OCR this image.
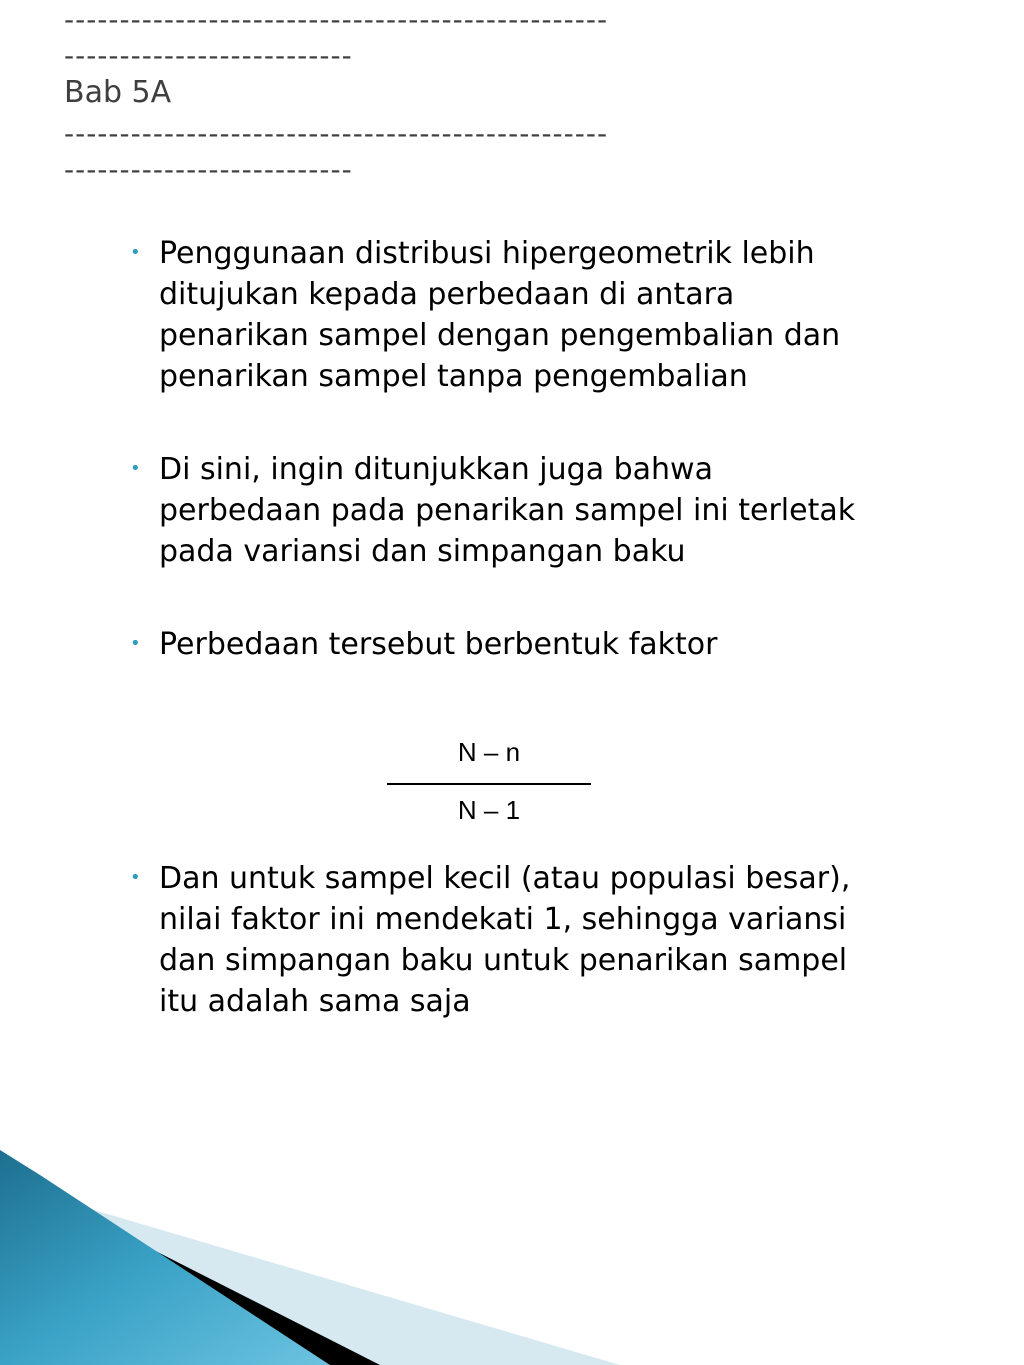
-------------------------------------------------
--------------------------
Bab 5A
-------------------------------------------------
--------------------------
• Penggunaan distribusi hipergeometrik lebih
ditujukan kepada perbedaan di antara
penarikan sampel dengan pengembalian dan
penarikan sampel tanpa pengembalian
• Di sini, ingin ditunjukkan juga bahwa
perbedaan pada penarikan sampel ini terletak
pada variansi dan simpangan baku
• Perbedaan tersebut berbentuk faktor
N – n
N – 1
• Dan untuk sampel kecil (atau populasi besar),
nilai faktor ini mendekati 1, sehingga variansi
dan simpangan baku untuk penarikan sampel
itu adalah sama saja
